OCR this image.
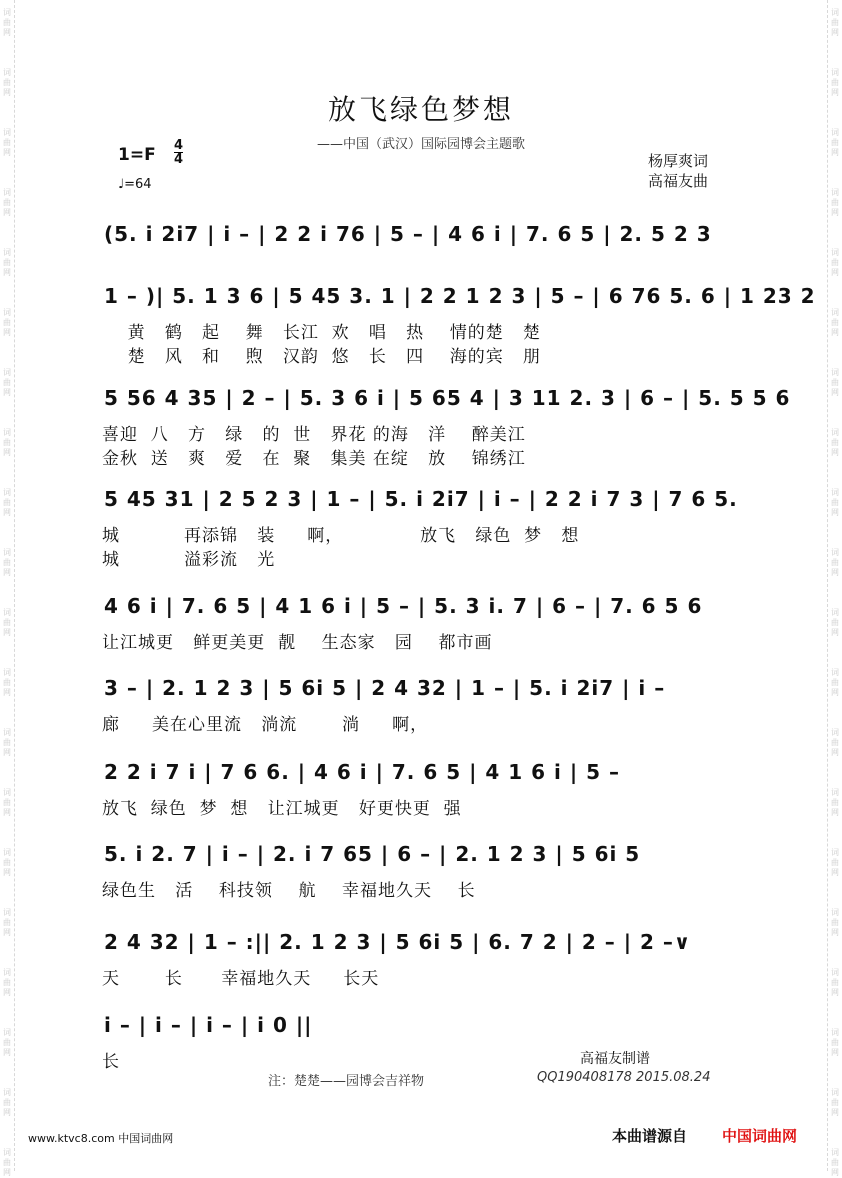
词曲网
词曲网
词曲网
词曲网
词曲网
词曲网
词曲网
词曲网
词曲网
词曲网
词曲网
词曲网
词曲网
词曲网
词曲网
词曲网
词曲网
词曲网
词曲网
词曲网
词曲网
词曲网
词曲网
词曲网
词曲网
词曲网
词曲网
词曲网
词曲网
词曲网
词曲网
词曲网
词曲网
词曲网
词曲网
词曲网
词曲网
词曲网
词曲网
词曲网
放飞绿色梦想
——中国（武汉）国际园博会主题歌
1=F 4
4
♩=64
杨厚爽词
高福友曲
(5. i 2i7 | i – | 2 2 i 76 | 5 – | 4 6 i | 7. 6 5 | 2. 5 2 3
1 – )| 5. 1 3 6 | 5 45 3. 1 | 2 2 1 2 3 | 5 – | 6 76 5. 6 | 1 23 2
黄   鹤   起    舞   长江  欢   唱   热    情的楚   楚
楚   风   和    煦   汉韵  悠   长   四    海的宾   朋
5 56 4 35 | 2 – | 5. 3 6 i | 5 65 4 | 3 11 2. 3 | 6 – | 5. 5 5 6
喜迎  八   方   绿   的  世   界花 的海   洋    醉美江
金秋  送   爽   爱   在  聚   集美 在绽   放    锦绣江
5 45 31 | 2 5 2 3 | 1 – | 5. i 2i7 | i – | 2 2 i 7 3 | 7 6 5.
城          再添锦   装     啊，            放飞   绿色  梦   想
城          溢彩流   光
4 6 i | 7. 6 5 | 4 1 6 i | 5 – | 5. 3 i. 7 | 6 – | 7. 6 5 6
让江城更   鲜更美更  靓    生态家   园    都市画
3 – | 2. 1 2 3 | 5 6i 5 | 2 4 32 | 1 – | 5. i 2i7 | i –
廊     美在心里流   淌流       淌     啊，
2 2 i 7 i | 7 6 6. | 4 6 i | 7. 6 5 | 4 1 6 i | 5 –
放飞  绿色  梦  想   让江城更   好更快更  强
5. i 2. 7 | i – | 2. i 7 65 | 6 – | 2. 1 2 3 | 5 6i 5
绿色生   活    科技领    航    幸福地久天    长
2 4 32 | 1 – :|| 2. 1 2 3 | 5 6i 5 | 6. 7 2 | 2 – | 2 –∨
天       长      幸福地久天     长天
i – | i – | i – | i 0 ||
长	高福友制谱
注：楚楚——园博会吉祥物	QQ190408178 2015.08.24
www.ktvc8.com 中国词曲网	本曲谱源自 中国词曲网
